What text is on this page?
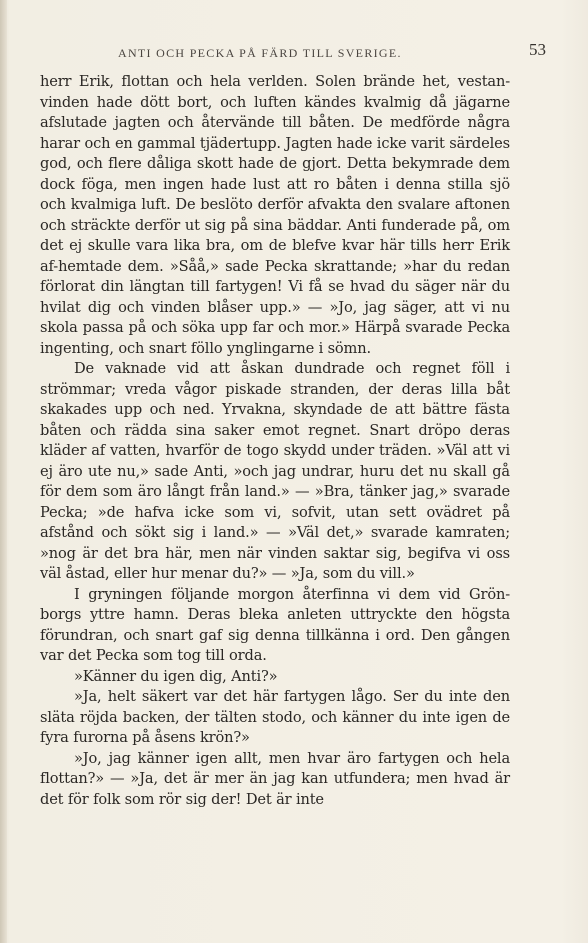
ANTI OCH PECKA PÅ FÄRD TILL SVERIGE.	53

herr Erik, flottan och hela verlden. Solen brände het, vestan-vinden hade dött bort, och luften kändes kvalmig då jägarne afslutade jagten och återvände till båten. De medförde några harar och en gammal tjädertupp. Jagten hade icke varit särdeles god, och flere dåliga skott hade de gjort. Detta bekymrade dem dock föga, men ingen hade lust att ro båten i denna stilla sjö och kvalmiga luft. De beslöto derför afvakta den svalare aftonen och sträckte derför ut sig på sina bäddar. Anti funderade på, om det ej skulle vara lika bra, om de blefve kvar här tills herr Erik af-hemtade dem. »Såå,» sade Pecka skrattande; »har du redan förlorat din längtan till fartygen! Vi få se hvad du säger när du hvilat dig och vinden blåser upp.» — »Jo, jag säger, att vi nu skola passa på och söka upp far och mor.» Härpå svarade Pecka ingenting, och snart föllo ynglingarne i sömn.

De vaknade vid att åskan dundrade och regnet föll i strömmar; vreda vågor piskade stranden, der deras lilla båt skakades upp och ned. Yrvakna, skyndade de att bättre fästa båten och rädda sina saker emot regnet. Snart dröpo deras kläder af vatten, hvarför de togo skydd under träden. »Väl att vi ej äro ute nu,» sade Anti, »och jag undrar, huru det nu skall gå för dem som äro långt från land.» — »Bra, tänker jag,» svarade Pecka; »de hafva icke som vi, sofvit, utan sett ovädret på afstånd och sökt sig i land.» — »Väl det,» svarade kamraten; »nog är det bra här, men när vinden saktar sig, begifva vi oss väl åstad, eller hur menar du?» — »Ja, som du vill.»

I gryningen följande morgon återfinna vi dem vid Grön-borgs yttre hamn. Deras bleka anleten uttryckte den högsta förundran, och snart gaf sig denna tillkänna i ord. Den gången var det Pecka som tog till orda.

»Känner du igen dig, Anti?»

»Ja, helt säkert var det här fartygen lågo. Ser du inte den släta röjda backen, der tälten stodo, och känner du inte igen de fyra furorna på åsens krön?»

»Jo, jag känner igen allt, men hvar äro fartygen och hela flottan?» — »Ja, det är mer än jag kan utfundera; men hvad är det för folk som rör sig der! Det är inte
